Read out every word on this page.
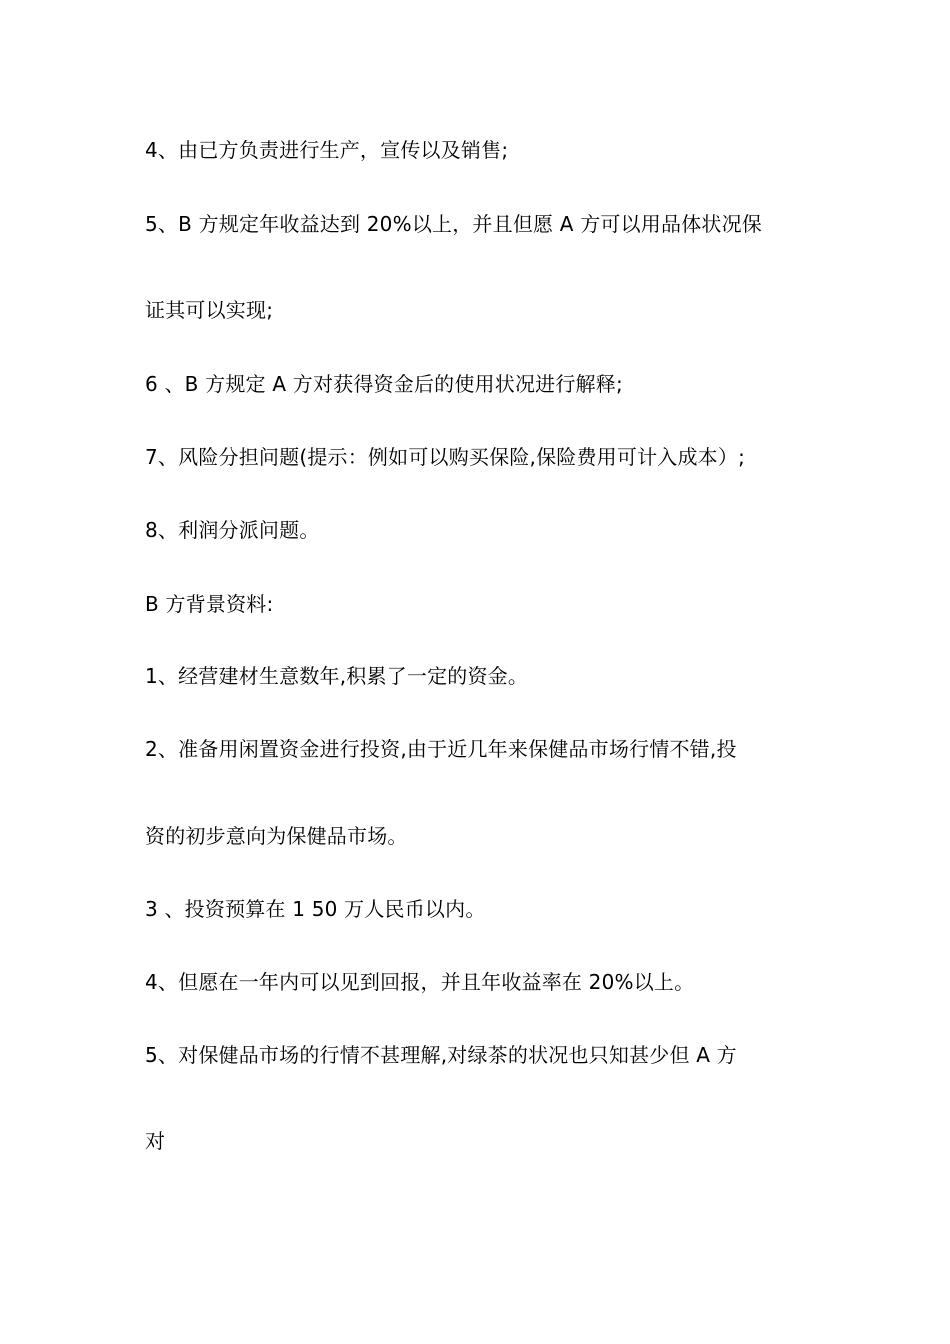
4、由已方负责进行生产，宣传以及销售;
5、B 方规定年收益达到 20%以上，并且但愿 A 方可以用品体状况保
证其可以实现;
6 、B 方规定 A 方对获得资金后的使用状况进行解释;
7、风险分担问题(提示：例如可以购买保险,保险费用可计入成本）;
8、利润分派问题。
B 方背景资料:
1、经营建材生意数年,积累了一定的资金。
2、准备用闲置资金进行投资,由于近几年来保健品市场行情不错,投
资的初步意向为保健品市场。
3 、投资预算在 1 50 万人民币以内。
4、但愿在一年内可以见到回报，并且年收益率在 20%以上。
5、对保健品市场的行情不甚理解,对绿茶的状况也只知甚少但 A 方
对
